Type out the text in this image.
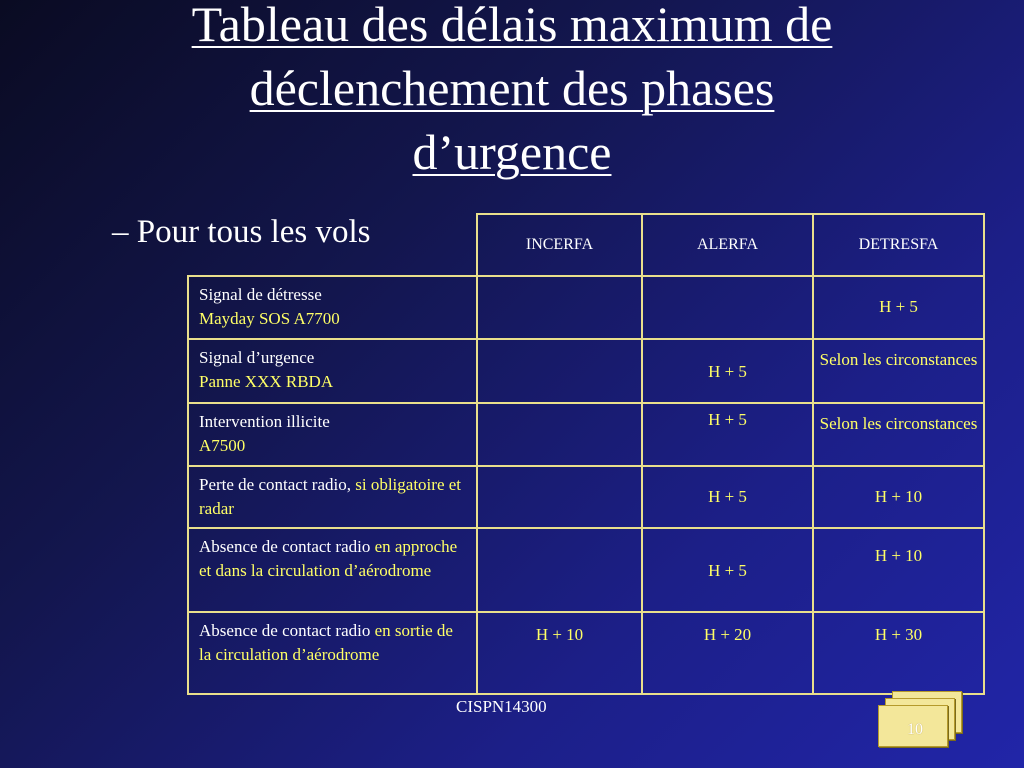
Tableau des délais maximum de
déclenchement des phases
d’urgence
– Pour tous les vols	INCERFA	ALERFA	DETRESFA
Signal de détresse
Mayday SOS A7700			H + 5
Signal d’urgence
Panne XXX RBDA		H + 5	Selon les circonstances
Intervention illicite
A7500		H + 5	Selon les circonstances
Perte de contact radio, si obligatoire et radar		H + 5	H + 10
Absence de contact radio en approche et dans la circulation d’aérodrome		H + 5	H + 10
Absence de contact radio en sortie de la circulation d’aérodrome	H + 10	H + 20	H + 30
CISPN14300
10
